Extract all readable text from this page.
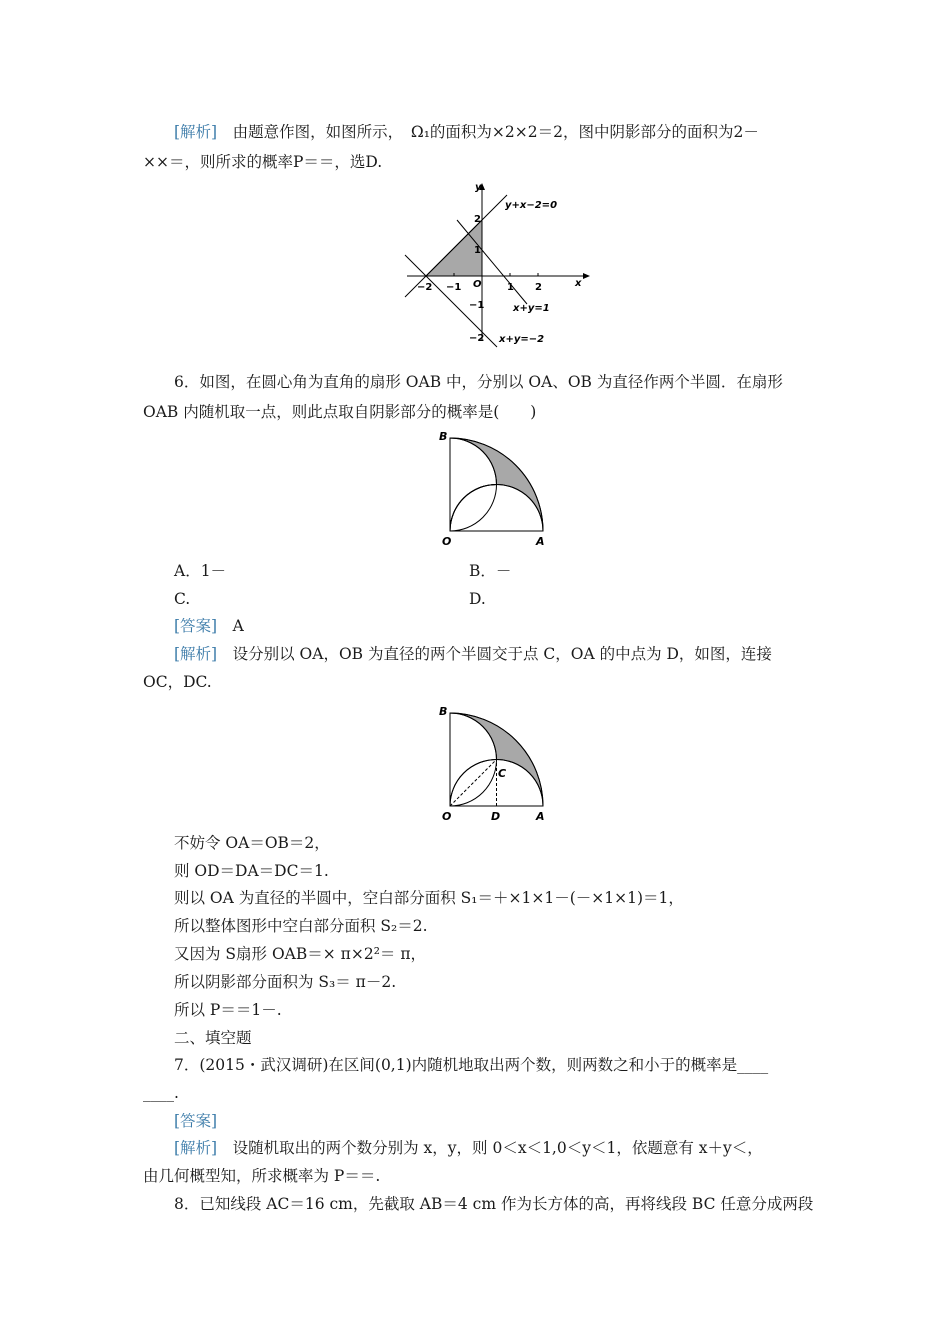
[解析]　由题意作图，如图所示，　Ω₁的面积为×2×2＝2，图中阴影部分的面积为2－
××＝，则所求的概率P＝＝，选D.
x
y
−2 −1 O	1 2
2
1
−1
−2
y+x−2=0
x+y=1
x+y=−2
6．如图，在圆心角为直角的扇形 OAB 中，分别以 OA、OB 为直径作两个半圆．在扇形
OAB 内随机取一点，则此点取自阴影部分的概率是(　　)
B
O	A
A．1－	B．－
C.	D.
[答案]　A
[解析]　设分别以 OA，OB 为直径的两个半圆交于点 C，OA 的中点为 D，如图，连接
OC，DC.
B
C
O	D	A
不妨令 OA＝OB＝2，
则 OD＝DA＝DC＝1.
则以 OA 为直径的半圆中，空白部分面积 S₁＝＋×1×1－(－×1×1)＝1，
所以整体图形中空白部分面积 S₂＝2.
又因为 S扇形 OAB＝× π×2²＝ π，
所以阴影部分面积为 S₃＝ π－2.
所以 P＝＝1－.
二、填空题
7．(2015・武汉调研)在区间(0,1)内随机地取出两个数，则两数之和小于的概率是____
____.
[答案]
[解析]　设随机取出的两个数分别为 x，y，则 0＜x＜1,0＜y＜1，依题意有 x＋y＜，
由几何概型知，所求概率为 P＝＝.
8．已知线段 AC＝16 cm，先截取 AB＝4 cm 作为长方体的高，再将线段 BC 任意分成两段
